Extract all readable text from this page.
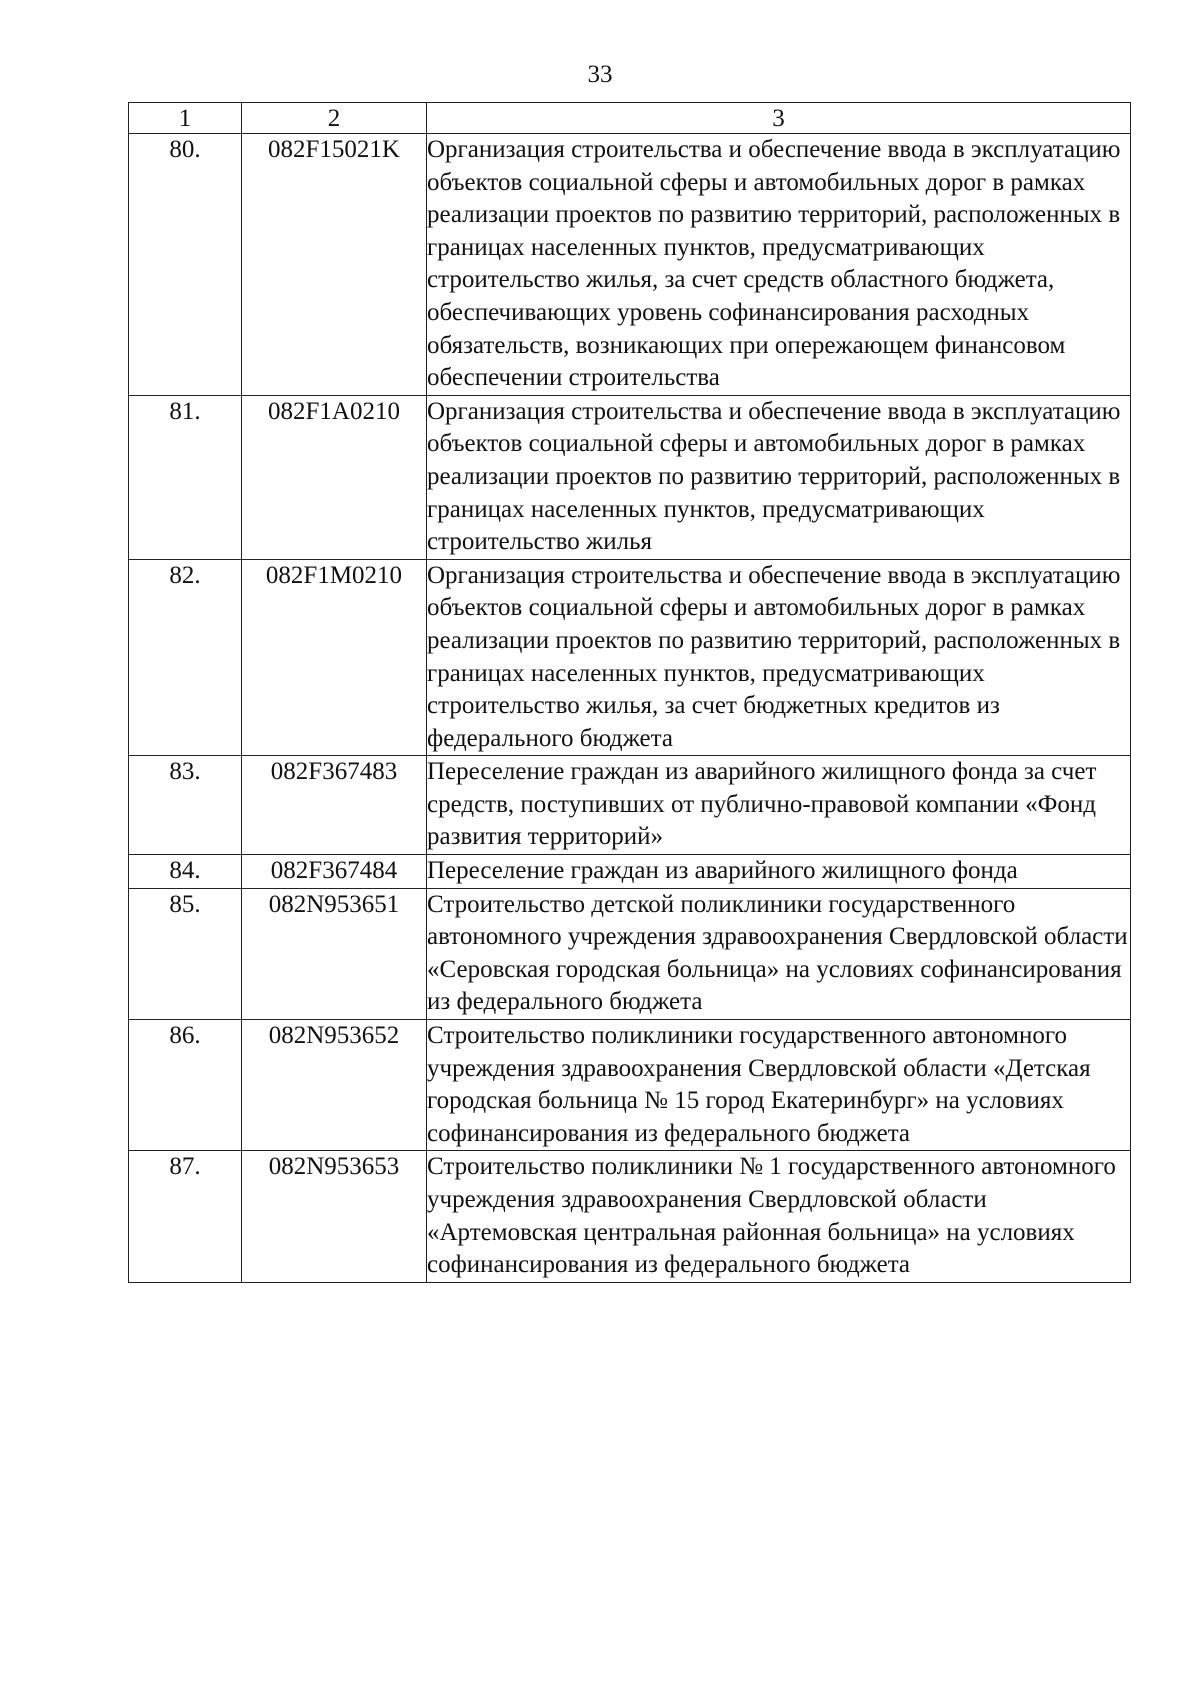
33
1	2	3
80.	082F15021K	Организация строительства и обеспечение ввода в эксплуатацию объектов социальной сферы и автомобильных дорог в рамках реализации проектов по развитию территорий, расположенных в границах населенных пунктов, предусматривающих строительство жилья, за счет средств областного бюджета, обеспечивающих уровень софинансирования расходных обязательств, возникающих при опережающем финансовом обеспечении строительства
81.	082F1A0210	Организация строительства и обеспечение ввода в эксплуатацию объектов социальной сферы и автомобильных дорог в рамках реализации проектов по развитию территорий, расположенных в границах населенных пунктов, предусматривающих строительство жилья
82.	082F1M0210	Организация строительства и обеспечение ввода в эксплуатацию объектов социальной сферы и автомобильных дорог в рамках реализации проектов по развитию территорий, расположенных в границах населенных пунктов, предусматривающих строительство жилья, за счет бюджетных кредитов из федерального бюджета
83.	082F367483	Переселение граждан из аварийного жилищного фонда за счет средств, поступивших от публично-правовой компании «Фонд развития территорий»
84.	082F367484	Переселение граждан из аварийного жилищного фонда
85.	082N953651	Строительство детской поликлиники государственного автономного учреждения здравоохранения Свердловской области «Серовская городская больница» на условиях софинансирования из федерального бюджета
86.	082N953652	Строительство поликлиники государственного автономного учреждения здравоохранения Свердловской области «Детская городская больница № 15 город Екатеринбург» на условиях софинансирования из федерального бюджета
87.	082N953653	Строительство поликлиники № 1 государственного автономного учреждения здравоохранения Свердловской области «Артемовская центральная районная больница» на условиях софинансирования из федерального бюджета
